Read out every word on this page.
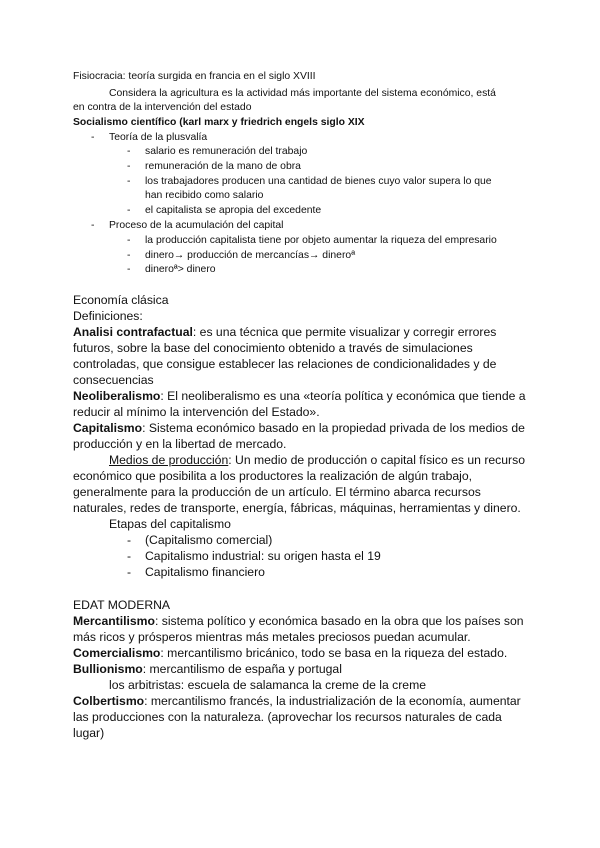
Fisiocracia: teoría surgida en francia en el siglo XVIII
Considera la agricultura es la actividad más importante del sistema económico, está
en contra de la intervención del estado
Socialismo científico (karl marx y friedrich engels siglo XIX
- Teoría de la plusvalía
- salario es remuneración del trabajo
- remuneración de la mano de obra
- los trabajadores producen una cantidad de bienes cuyo valor supera lo que
han recibido como salario
- el capitalista se apropia del excedente
- Proceso de la acumulación del capital
- la producción capitalista tiene por objeto aumentar la riqueza del empresario
- dinero→ producción de mercancías→ dineroª
- dineroª> dinero
Economía clásica
Definiciones:
Analisi contrafactual: es una técnica que permite visualizar y corregir errores
futuros, sobre la base del conocimiento obtenido a través de simulaciones
controladas, que consigue establecer las relaciones de condicionalidades y de
consecuencias
Neoliberalismo: El neoliberalismo es una «teoría política y económica que tiende a
reducir al mínimo la intervención del Estado».
Capitalismo: Sistema económico basado en la propiedad privada de los medios de
producción y en la libertad de mercado.
Medios de producción: Un medio de producción o capital físico es un recurso
económico que posibilita a los productores la realización de algún trabajo,
generalmente para la producción de un artículo. El término abarca recursos
naturales, redes de transporte, energía, fábricas, máquinas, herramientas y dinero.
Etapas del capitalismo
- (Capitalismo comercial)
- Capitalismo industrial: su origen hasta el 19
- Capitalismo financiero
EDAT MODERNA
Mercantilismo: sistema político y económica basado en la obra que los países son
más ricos y prósperos mientras más metales preciosos puedan acumular.
Comercialismo: mercantilismo bricánico, todo se basa en la riqueza del estado.
Bullionismo: mercantilismo de españa y portugal
los arbitristas: escuela de salamanca la creme de la creme
Colbertismo: mercantilismo francés, la industrialización de la economía, aumentar
las producciones con la naturaleza. (aprovechar los recursos naturales de cada
lugar)
